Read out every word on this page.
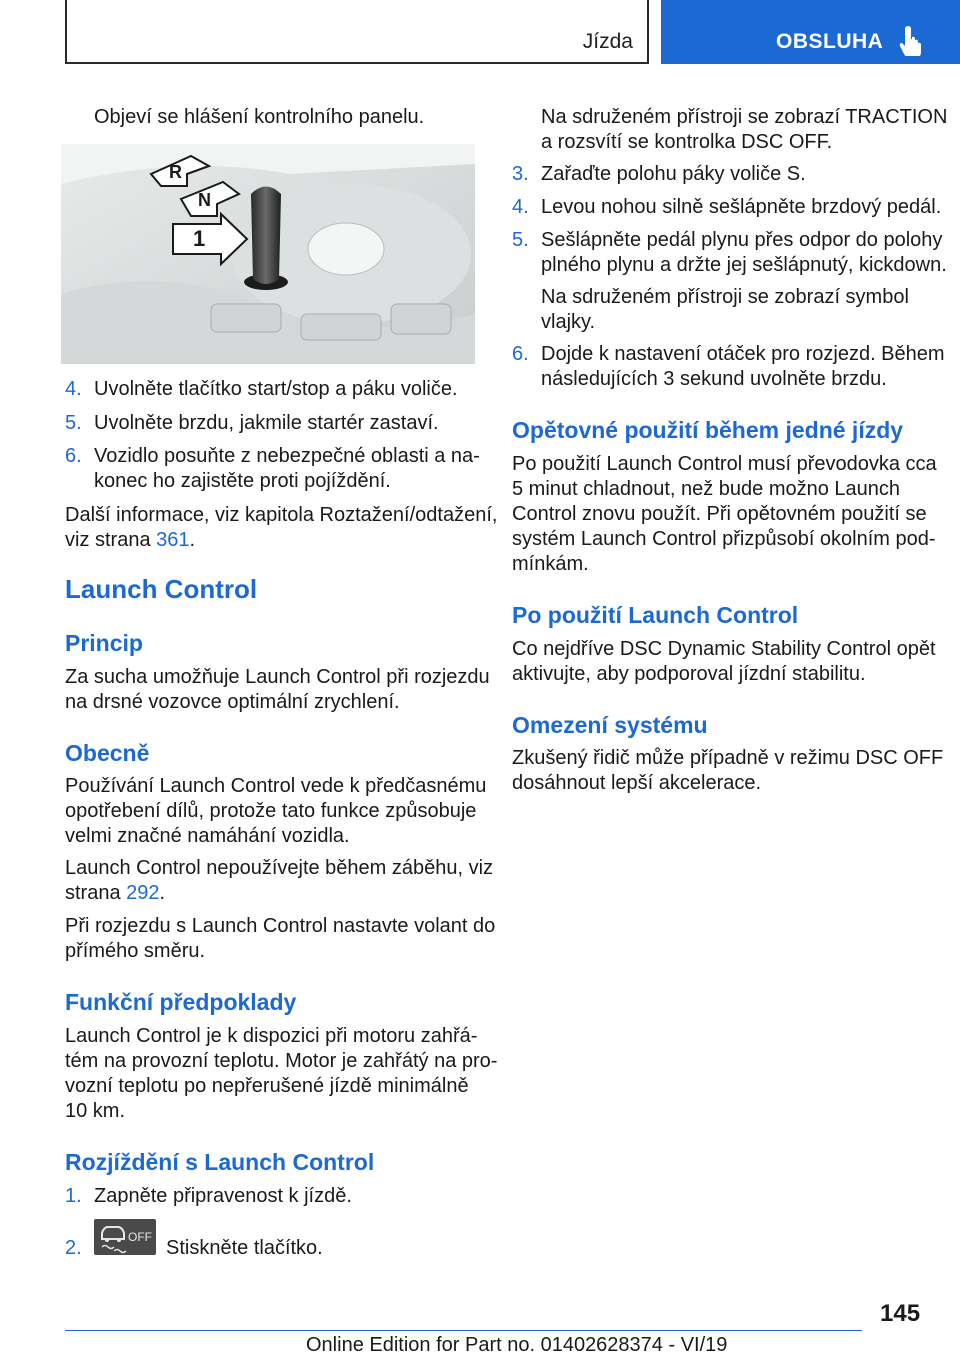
Jízda	OBSLUHA

Objeví se hlášení kontrolního panelu.

R
N
1
4. Uvolněte tlačítko start/stop a páku voliče.

5. Uvolněte brzdu, jakmile startér zastaví.

6. Vozidlo posuňte z nebezpečné oblasti a na-

konec ho zajistěte proti pojíždění.

Další informace, viz kapitola Roztažení/odtažení,

viz strana 361.

Launch Control
Princip

Za sucha umožňuje Launch Control při rozjezdu

na drsné vozovce optimální zrychlení.

Obecně

Používání Launch Control vede k předčasnému

opotřebení dílů, protože tato funkce způsobuje

velmi značné namáhání vozidla.

Launch Control nepoužívejte během záběhu, viz

strana 292.

Při rozjezdu s Launch Control nastavte volant do

přímého směru.

Funkční předpoklady

Launch Control je k dispozici při motoru zahřá-

tém na provozní teplotu. Motor je zahřátý na pro-

vozní teplotu po nepřerušené jízdě minimálně

10 km.

Rozjíždění s Launch Control
1. Zapněte připravenost k jízdě.

2.	OFF Stiskněte tlačítko.

Na sdruženém přístroji se zobrazí TRACTION

a rozsvítí se kontrolka DSC OFF.

3. Zařaďte polohu páky voliče S.

4. Levou nohou silně sešlápněte brzdový pedál.

5. Sešlápněte pedál plynu přes odpor do polohy

plného plynu a držte jej sešlápnutý, kickdown.

Na sdruženém přístroji se zobrazí symbol

vlajky.

6. Dojde k nastavení otáček pro rozjezd. Během

následujících 3 sekund uvolněte brzdu.

Opětovné použití během jedné jízdy

Po použití Launch Control musí převodovka cca

5 minut chladnout, než bude možno Launch

Control znovu použít. Při opětovném použití se

systém Launch Control přizpůsobí okolním pod-

mínkám.

Po použití Launch Control

Co nejdříve DSC Dynamic Stability Control opět

aktivujte, aby podporoval jízdní stabilitu.

Omezení systému

Zkušený řidič může případně v režimu DSC OFF

dosáhnout lepší akcelerace.

145
Online Edition for Part no. 01402628374 - VI/19
